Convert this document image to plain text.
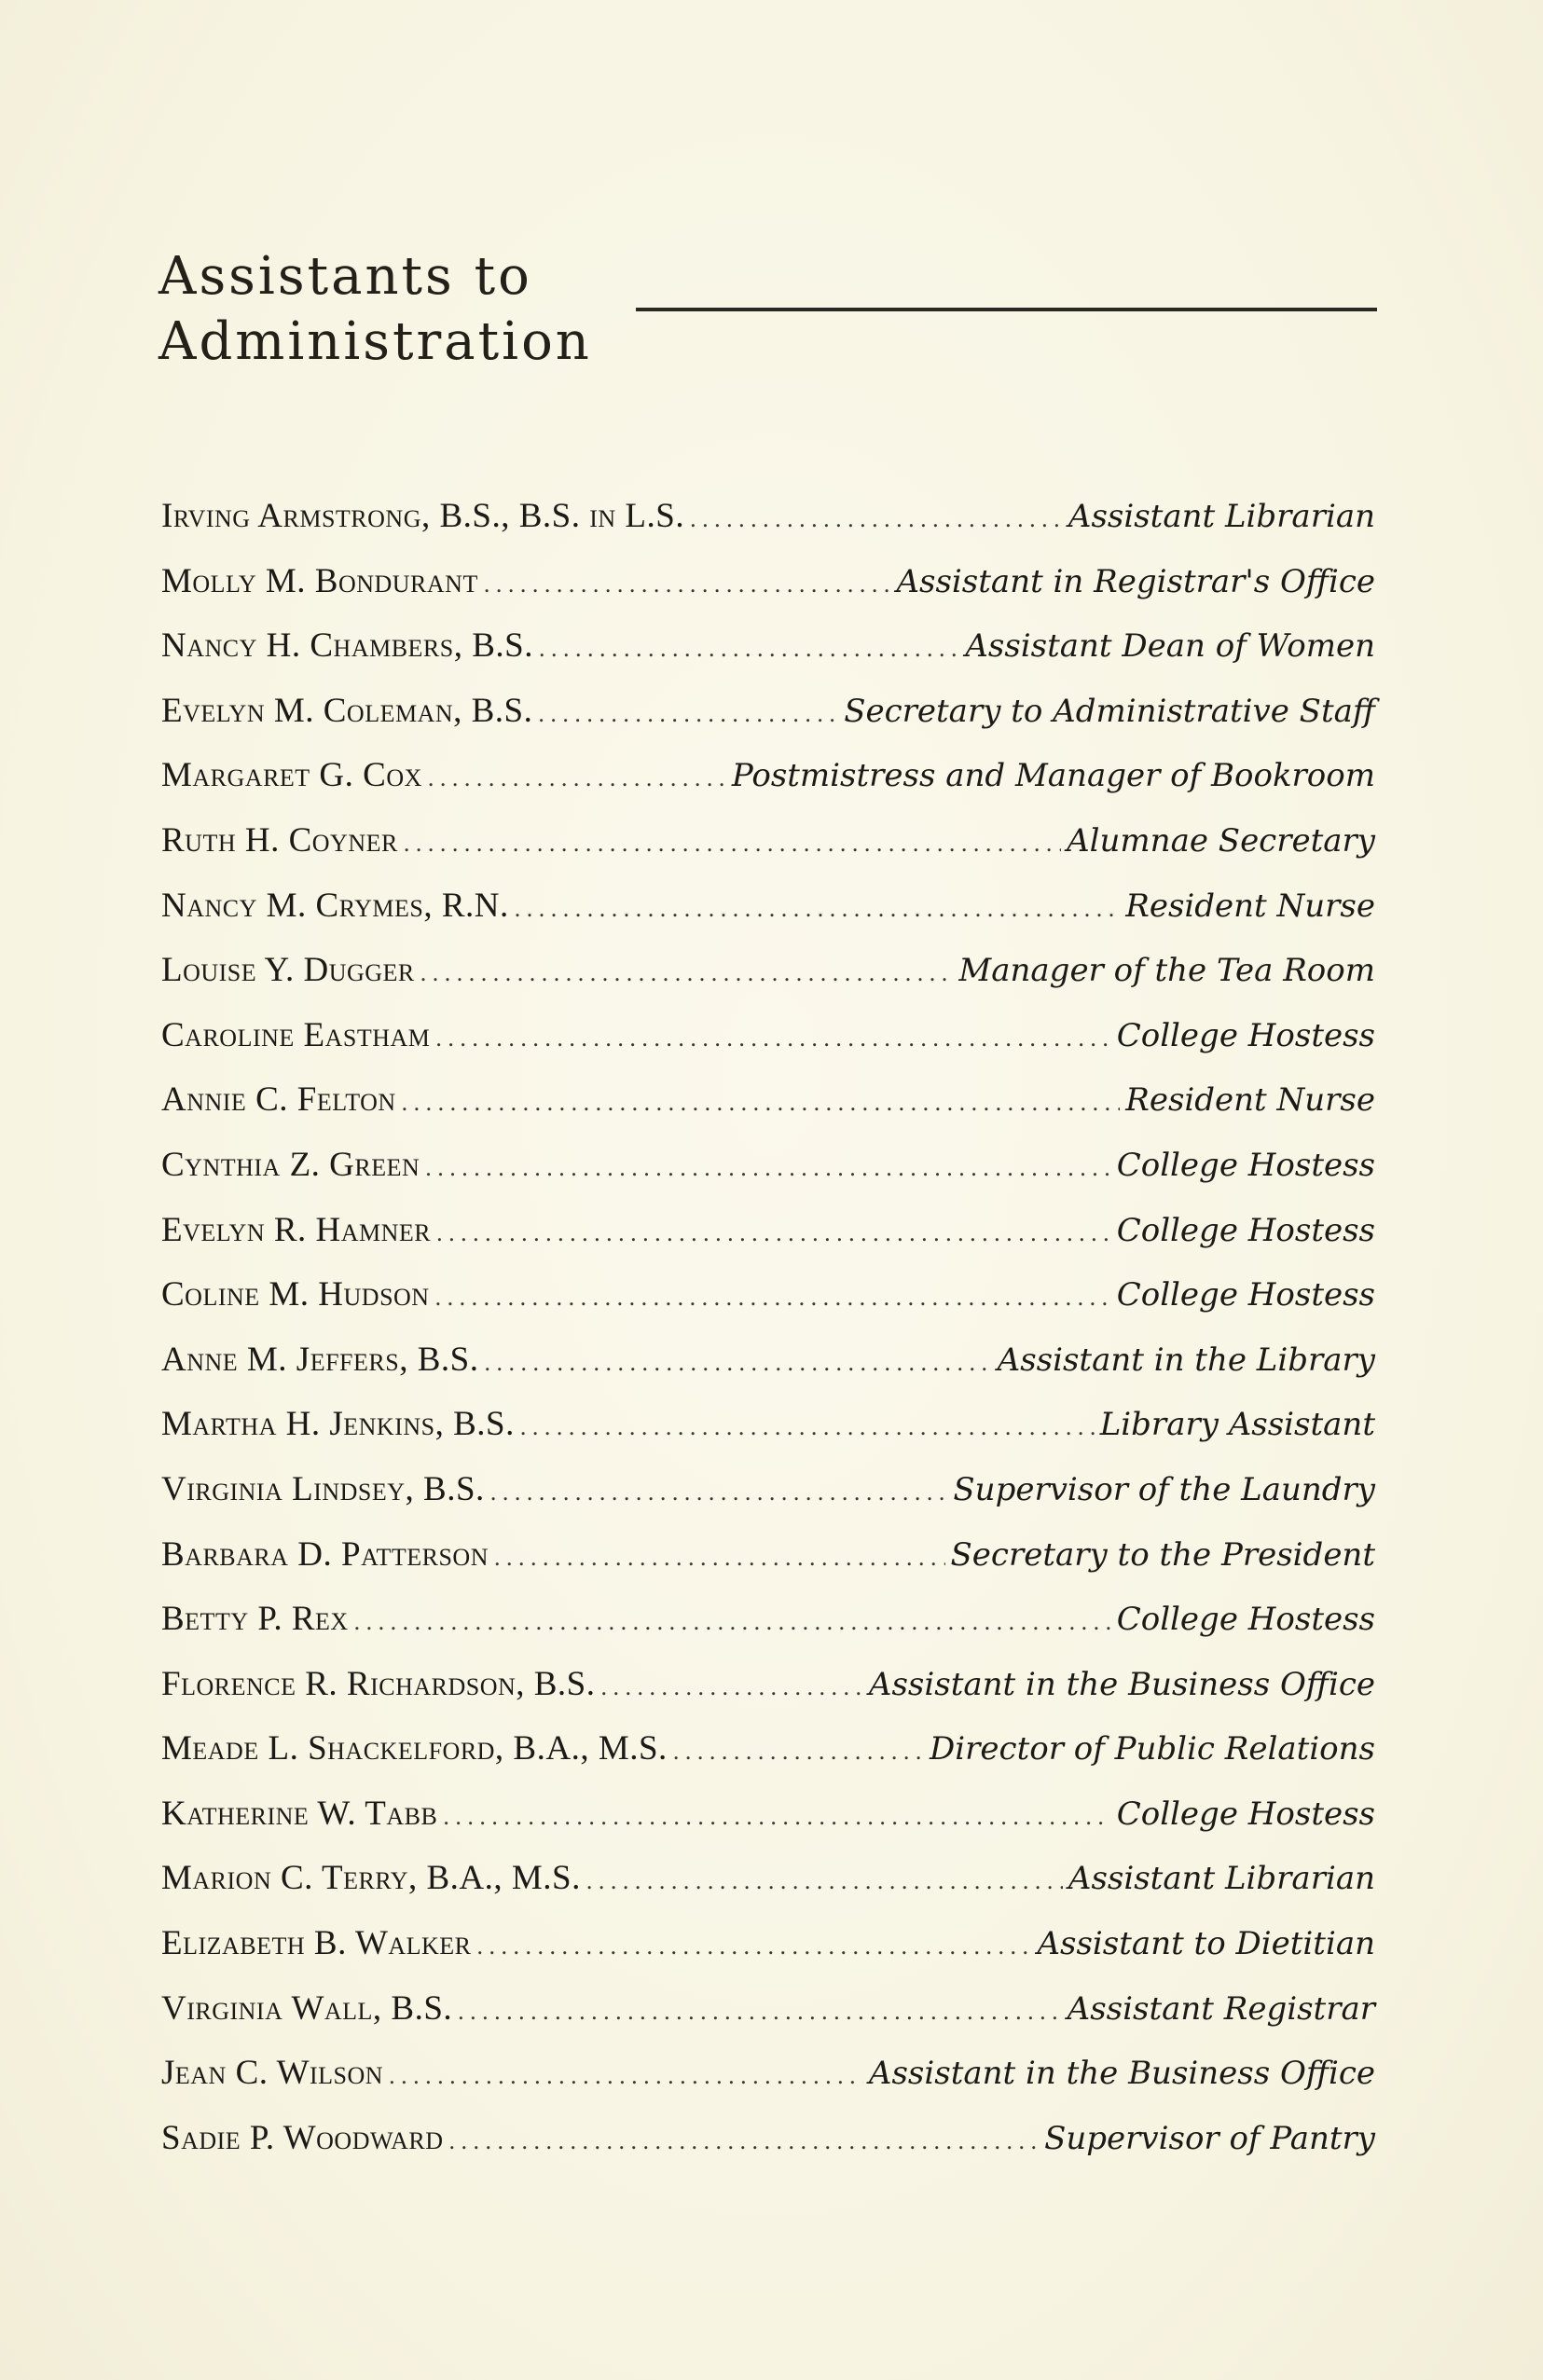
Assistants to
Administration
Irving Armstrong, B.S., B.S. in L.S. . . .	Assistant Librarian
Molly M. Bondurant . . .	Assistant in Registrar's Office
Nancy H. Chambers, B.S. . . .	Assistant Dean of Women
Evelyn M. Coleman, B.S. . . .	Secretary to Administrative Staff
Margaret G. Cox . . .	Postmistress and Manager of Bookroom
Ruth H. Coyner . . .	Alumnae Secretary
Nancy M. Crymes, R.N. . . .	Resident Nurse
Louise Y. Dugger . . .	Manager of the Tea Room
Caroline Eastham . . .	College Hostess
Annie C. Felton . . .	Resident Nurse
Cynthia Z. Green . . .	College Hostess
Evelyn R. Hamner . . .	College Hostess
Coline M. Hudson . . .	College Hostess
Anne M. Jeffers, B.S. . . .	Assistant in the Library
Martha H. Jenkins, B.S. . . .	Library Assistant
Virginia Lindsey, B.S. . . .	Supervisor of the Laundry
Barbara D. Patterson . . .	Secretary to the President
Betty P. Rex . . .	College Hostess
Florence R. Richardson, B.S. . . .	Assistant in the Business Office
Meade L. Shackelford, B.A., M.S. . . .	Director of Public Relations
Katherine W. Tabb . . .	College Hostess
Marion C. Terry, B.A., M.S. . . .	Assistant Librarian
Elizabeth B. Walker . . .	Assistant to Dietitian
Virginia Wall, B.S. . . .	Assistant Registrar
Jean C. Wilson . . .	Assistant in the Business Office
Sadie P. Woodward . . .	Supervisor of Pantry
